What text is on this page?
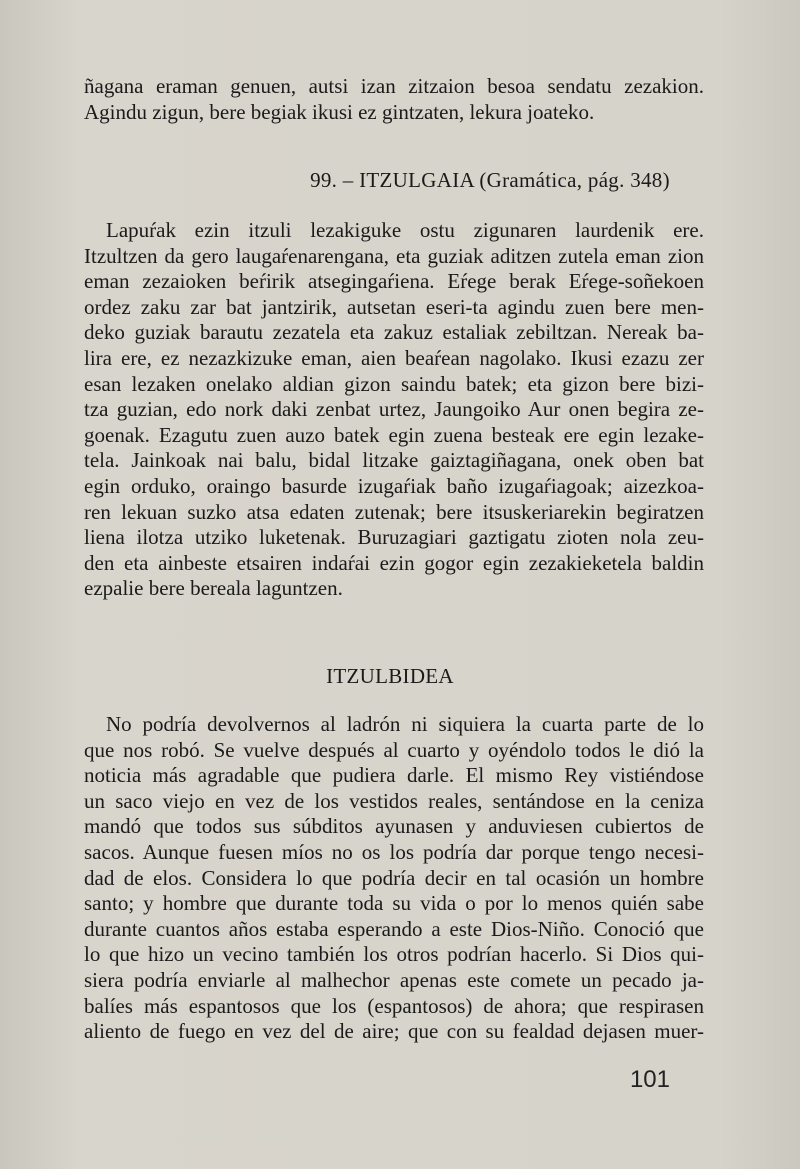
ñagana eraman genuen, autsi izan zitzaion besoa sendatu zezakion.
Agindu zigun, bere begiak ikusi ez gintzaten, lekura joateko.

99. – ITZULGAIA (Gramática, pág. 348)

Lapuŕak ezin itzuli lezakiguke ostu zigunaren laurdenik ere.
Itzultzen da gero laugaŕenarengana, eta guziak aditzen zutela eman zion
eman zezaioken beŕirik atsegingaŕiena. Eŕege berak Eŕege-soñekoen
ordez zaku zar bat jantzirik, autsetan eseri-ta agindu zuen bere men-
deko guziak barautu zezatela eta zakuz estaliak zebiltzan. Nereak ba-
lira ere, ez nezazkizuke eman, aien beaŕean nagolako. Ikusi ezazu zer
esan lezaken onelako aldian gizon saindu batek; eta gizon bere bizi-
tza guzian, edo nork daki zenbat urtez, Jaungoiko Aur onen begira ze-
goenak. Ezagutu zuen auzo batek egin zuena besteak ere egin lezake-
tela. Jainkoak nai balu, bidal litzake gaiztagiñagana, onek oben bat
egin orduko, oraingo basurde izugaŕiak baño izugaŕiagoak; aizezkoa-
ren lekuan suzko atsa edaten zutenak; bere itsuskeriarekin begiratzen
liena ilotza utziko luketenak. Buruzagiari gaztigatu zioten nola zeu-
den eta ainbeste etsairen indaŕai ezin gogor egin zezakieketela baldin
ezpalie bere bereala laguntzen.

ITZULBIDEA

No podría devolvernos al ladrón ni siquiera la cuarta parte de lo
que nos robó. Se vuelve después al cuarto y oyéndolo todos le dió la
noticia más agradable que pudiera darle. El mismo Rey vistiéndose
un saco viejo en vez de los vestidos reales, sentándose en la ceniza
mandó que todos sus súbditos ayunasen y anduviesen cubiertos de
sacos. Aunque fuesen míos no os los podría dar porque tengo necesi-
dad de elos. Considera lo que podría decir en tal ocasión un hombre
santo; y hombre que durante toda su vida o por lo menos quién sabe
durante cuantos años estaba esperando a este Dios-Niño. Conoció que
lo que hizo un vecino también los otros podrían hacerlo. Si Dios qui-
siera podría enviarle al malhechor apenas este comete un pecado ja-
balíes más espantosos que los (espantosos) de ahora; que respirasen
aliento de fuego en vez del de aire; que con su fealdad dejasen muer-

101
